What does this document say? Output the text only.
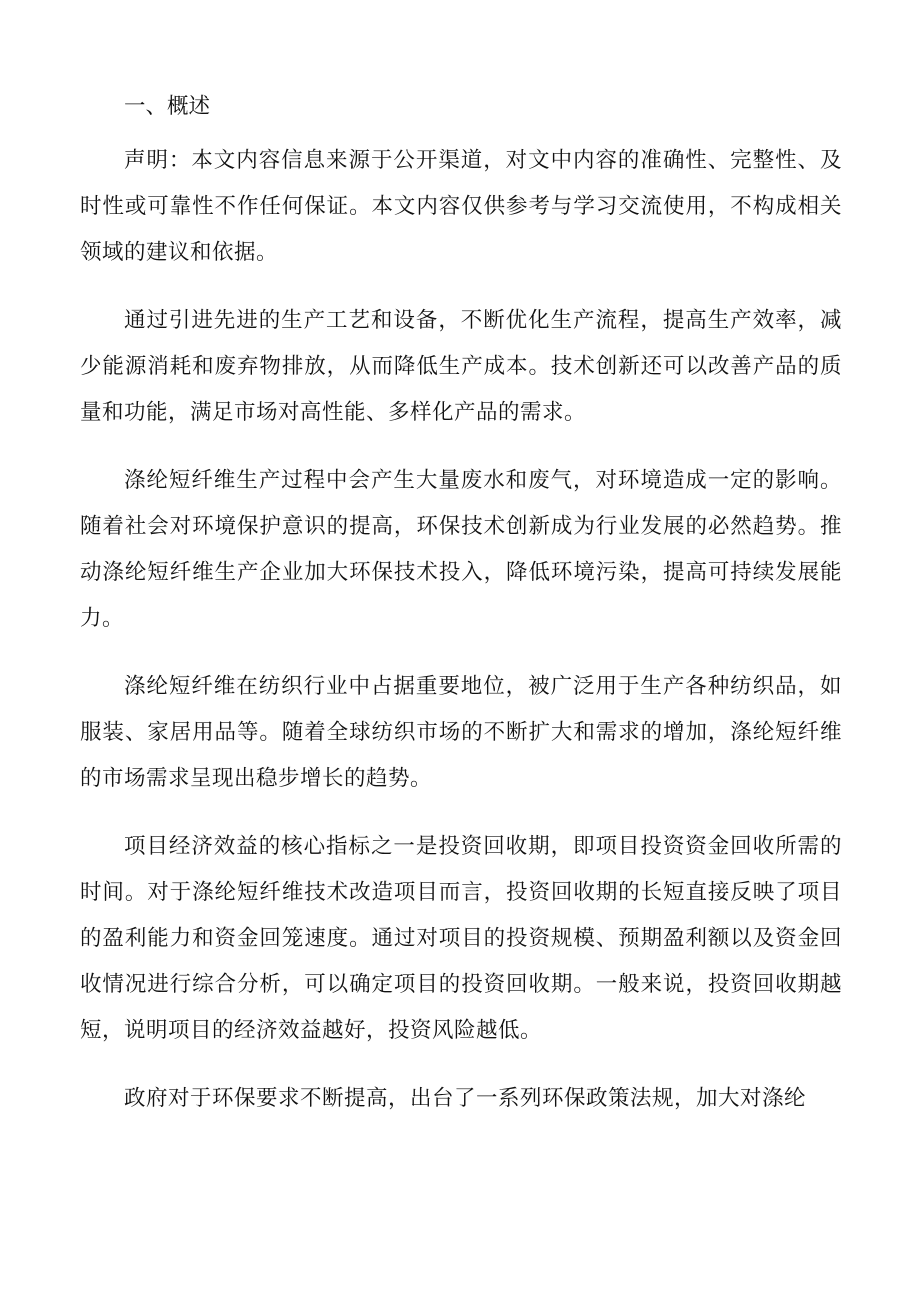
一、概述

声明：本文内容信息来源于公开渠道，对文中内容的准确性、完整性、及时性或可靠性不作任何保证。本文内容仅供参考与学习交流使用，不构成相关领域的建议和依据。

通过引进先进的生产工艺和设备，不断优化生产流程，提高生产效率，减少能源消耗和废弃物排放，从而降低生产成本。技术创新还可以改善产品的质量和功能，满足市场对高性能、多样化产品的需求。

涤纶短纤维生产过程中会产生大量废水和废气，对环境造成一定的影响。随着社会对环境保护意识的提高，环保技术创新成为行业发展的必然趋势。推动涤纶短纤维生产企业加大环保技术投入，降低环境污染，提高可持续发展能力。

涤纶短纤维在纺织行业中占据重要地位，被广泛用于生产各种纺织品，如服装、家居用品等。随着全球纺织市场的不断扩大和需求的增加，涤纶短纤维的市场需求呈现出稳步增长的趋势。

项目经济效益的核心指标之一是投资回收期，即项目投资资金回收所需的时间。对于涤纶短纤维技术改造项目而言，投资回收期的长短直接反映了项目的盈利能力和资金回笼速度。通过对项目的投资规模、预期盈利额以及资金回收情况进行综合分析，可以确定项目的投资回收期。一般来说，投资回收期越短，说明项目的经济效益越好，投资风险越低。

政府对于环保要求不断提高，出台了一系列环保政策法规，加大对涤纶
